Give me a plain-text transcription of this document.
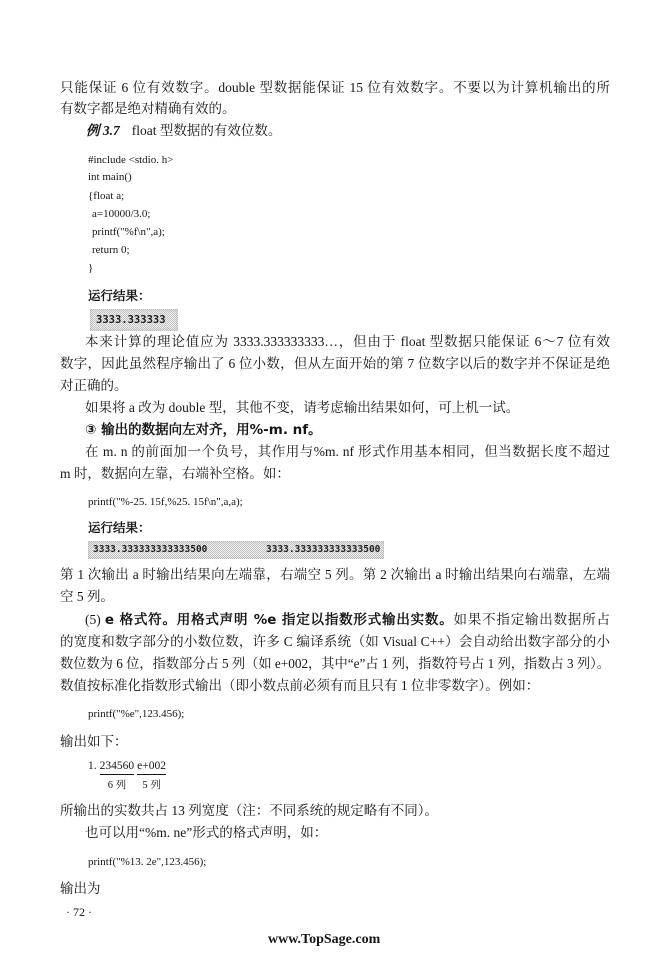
只能保证 6 位有效数字。double 型数据能保证 15 位有效数字。不要以为计算机输出的所
有数字都是绝对精确有效的。
例 3.7 float 型数据的有效位数。
#include <stdio. h>
int main()
{float a;
a=10000/3.0;
printf("%f\n",a);
return 0;
}
运行结果：
3333.333333
本来计算的理论值应为 3333.333333333…，但由于 float 型数据只能保证 6～7 位有效
数字，因此虽然程序输出了 6 位小数，但从左面开始的第 7 位数字以后的数字并不保证是绝
对正确的。
如果将 a 改为 double 型，其他不变，请考虑输出结果如何，可上机一试。
③ 输出的数据向左对齐，用%-m. nf。
在 m. n 的前面加一个负号，其作用与%m. nf 形式作用基本相同，但当数据长度不超过
m 时，数据向左靠，右端补空格。如：
printf("%-25. 15f,%25. 15f\n",a,a);
运行结果：
3333.333333333333500	3333.333333333333500
第 1 次输出 a 时输出结果向左端靠，右端空 5 列。第 2 次输出 a 时输出结果向右端靠，左端
空 5 列。
(5) e 格式符。用格式声明 %e 指定以指数形式输出实数。如果不指定输出数据所占
的宽度和数字部分的小数位数，许多 C 编译系统（如 Visual C++）会自动给出数字部分的小
数位数为 6 位，指数部分占 5 列（如 e+002，其中“e”占 1 列，指数符号占 1 列，指数占 3 列）。
数值按标准化指数形式输出（即小数点前必须有而且只有 1 位非零数字）。例如：
printf("%e",123.456);
输出如下：
1. 234560
6 列
e+002
5 列
所输出的实数共占 13 列宽度（注：不同系统的规定略有不同）。
也可以用“%m. ne”形式的格式声明，如：
printf("%13. 2e",123.456);
输出为
· 72 ·
www.TopSage.com
